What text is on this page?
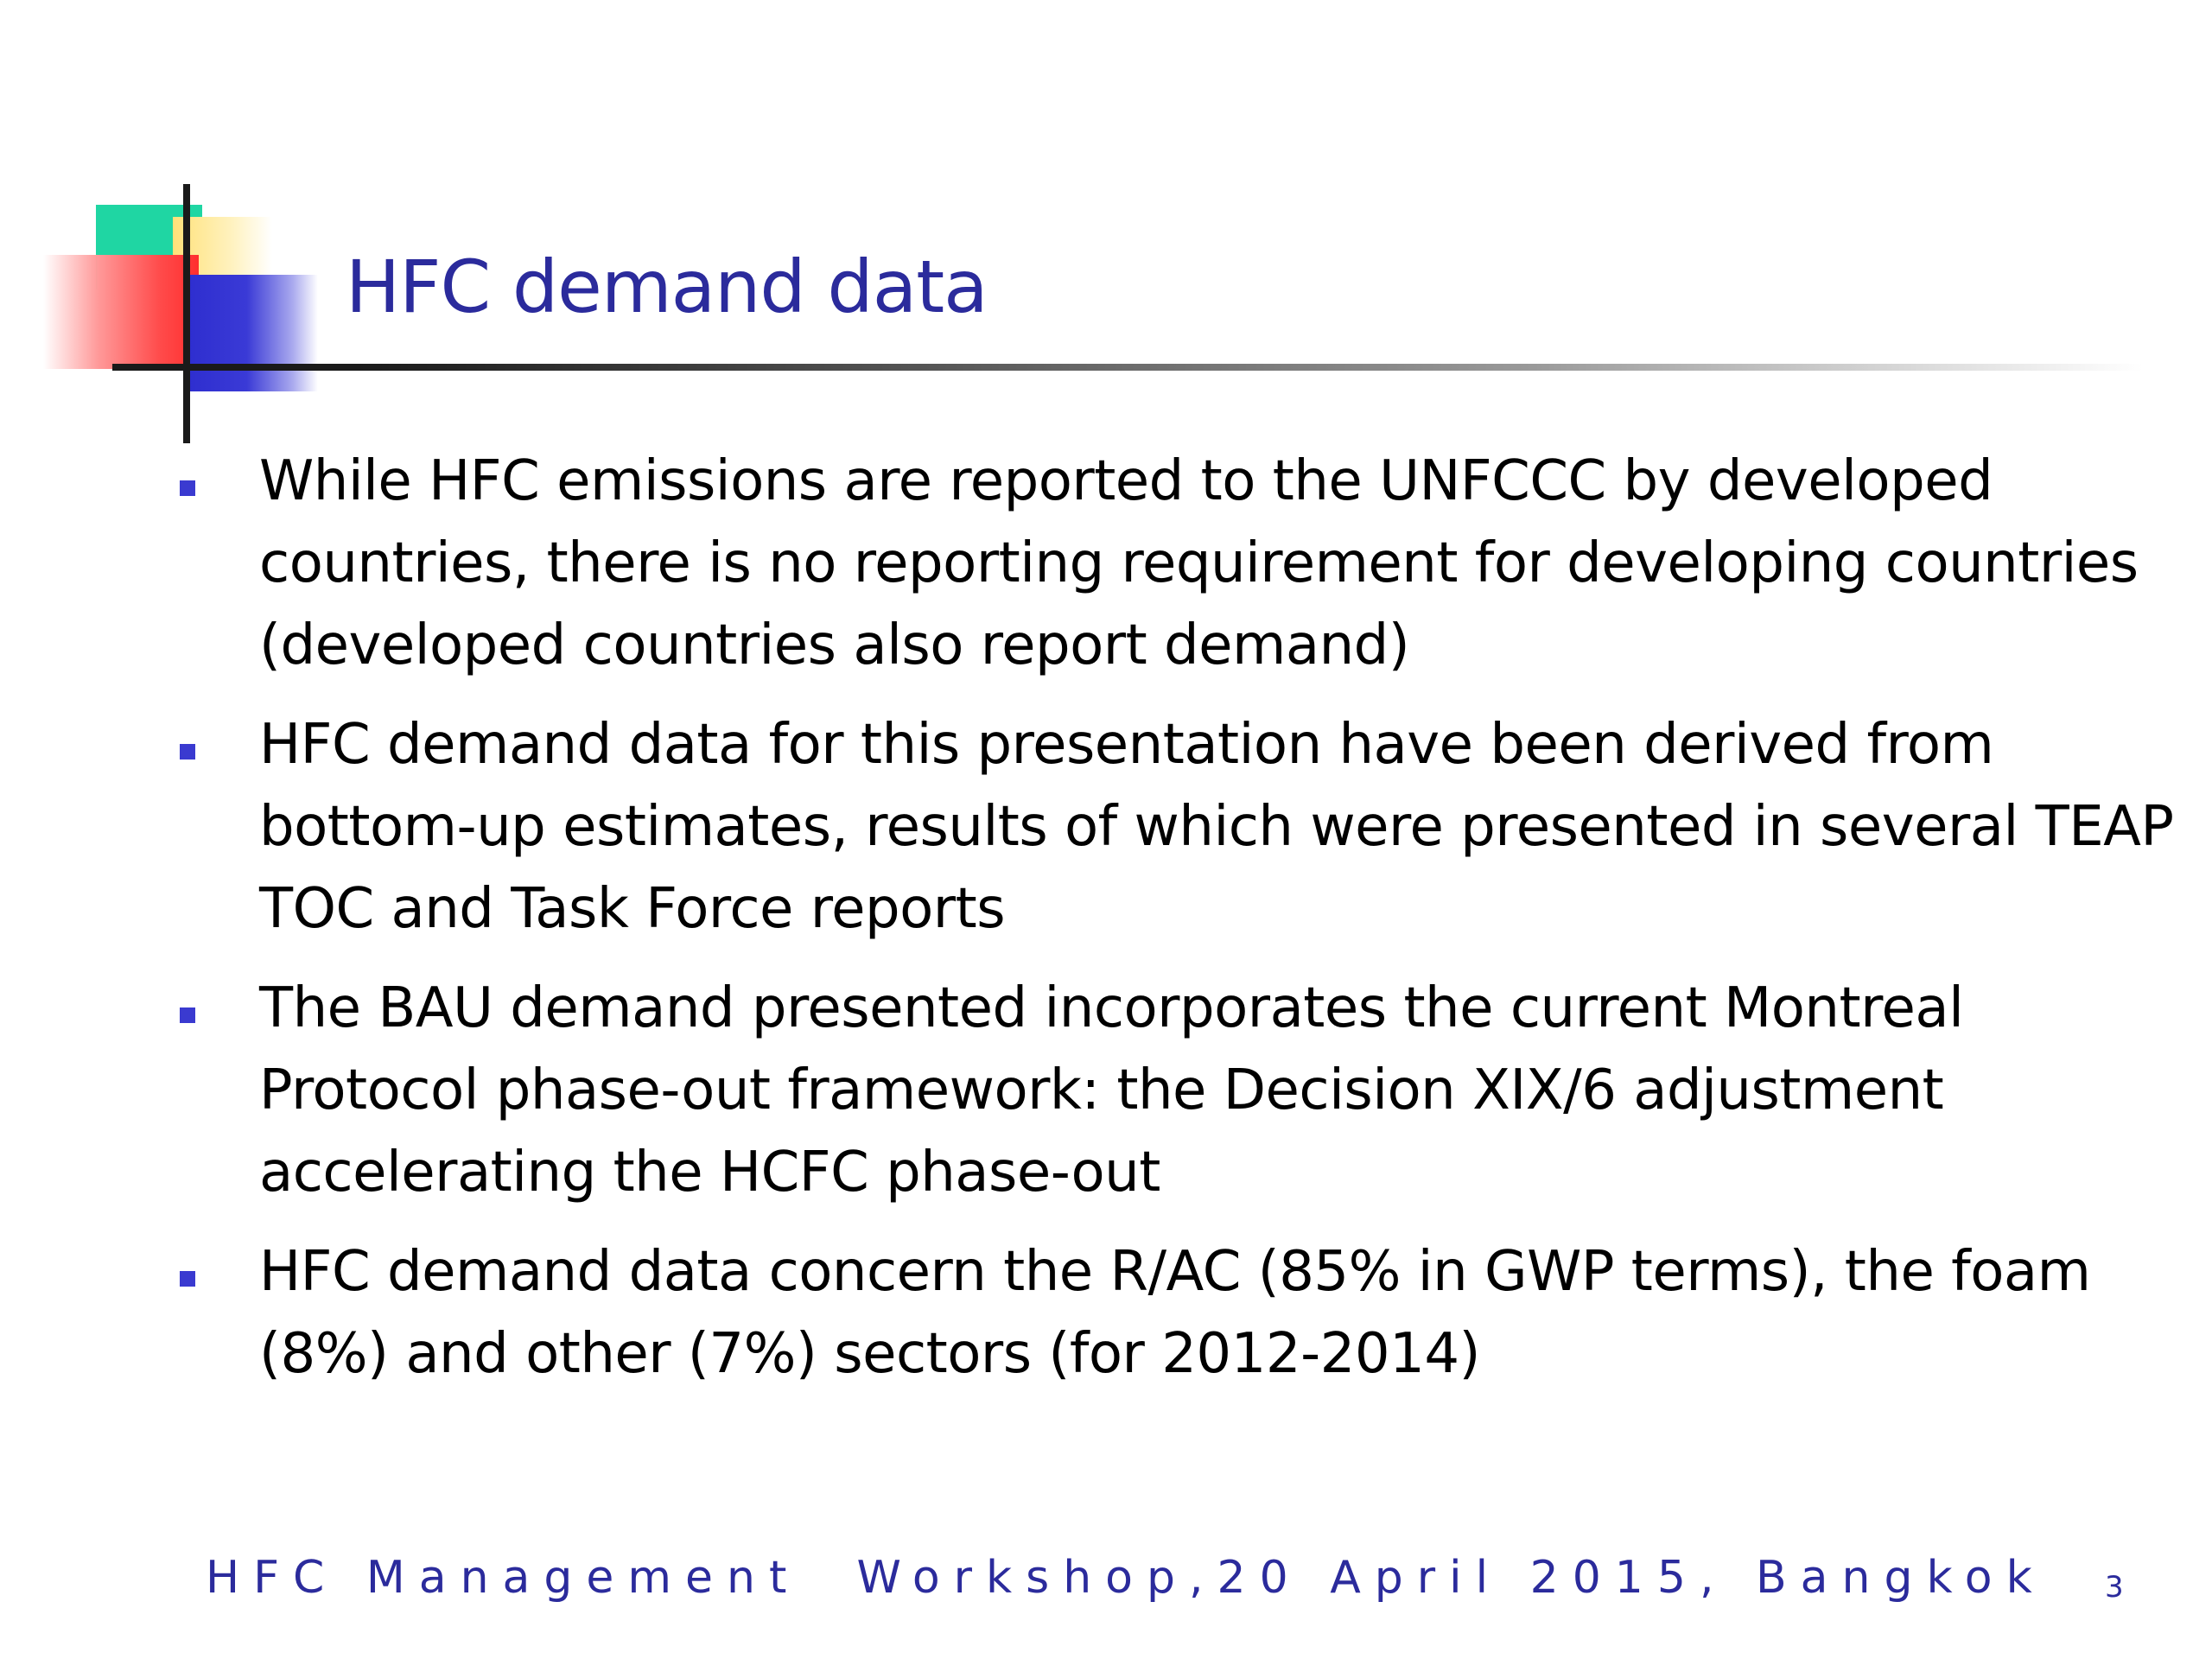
HFC demand data
While HFC emissions are reported to the UNFCCC by developed countries, there is no reporting requirement for developing countries (developed countries also report demand)
HFC demand data for this presentation have been derived from bottom-up estimates, results of which were presented in several TEAP TOC and Task Force reports
The BAU demand presented incorporates the current Montreal Protocol phase-out framework: the Decision XIX/6 adjustment accelerating the HCFC phase-out
HFC demand data concern the R/AC (85% in GWP terms), the foam (8%) and other (7%) sectors (for 2012-2014)
HFC Management  Workshop,20 April 2015, Bangkok 3
